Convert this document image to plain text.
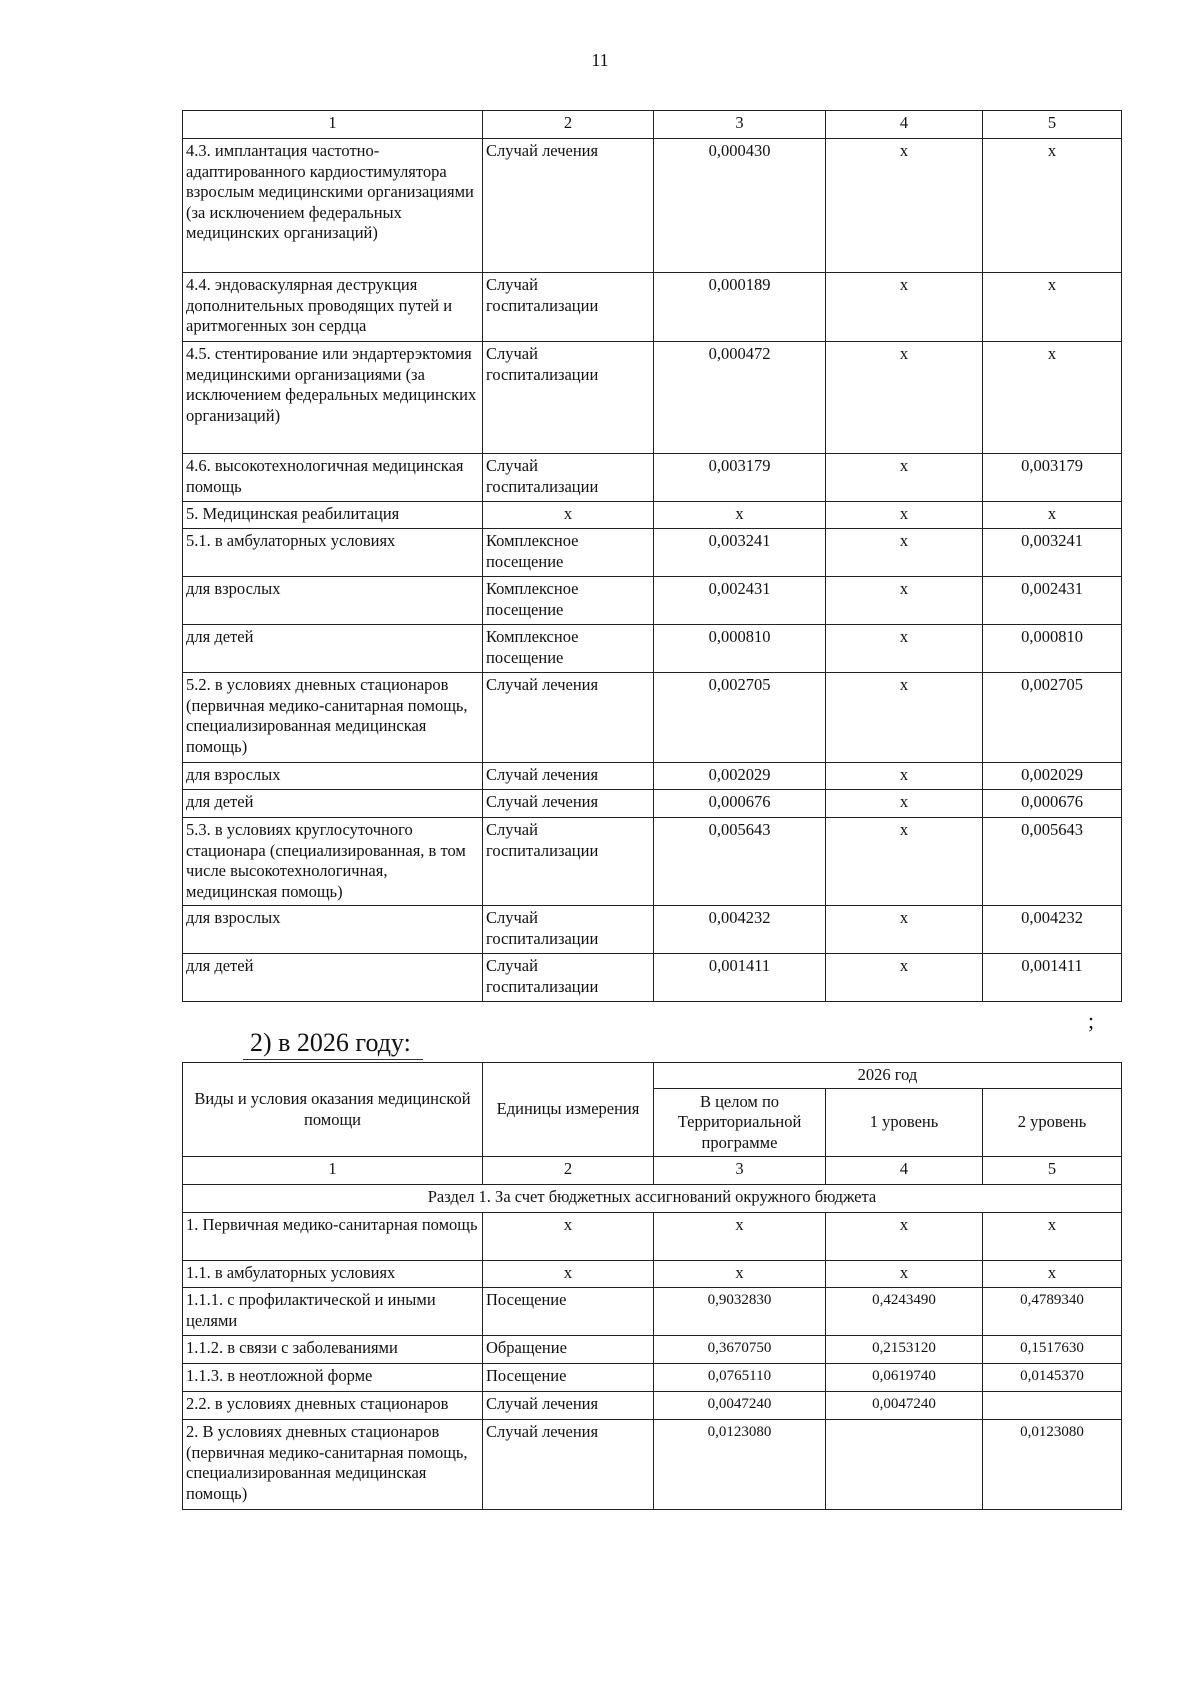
11
1	2	3	4	5
4.3. имплантация частотно-адаптированного кардиостимулятора взрослым медицинскими организациями (за исключением федеральных медицинских организаций)	Случай лечения	0,000430	x	x
4.4. эндоваскулярная деструкция дополнительных проводящих путей и аритмогенных зон сердца	Случай госпитализации	0,000189	x	x
4.5. стентирование или эндартерэктомия медицинскими организациями (за исключением федеральных медицинских организаций)	Случай госпитализации	0,000472	x	x
4.6. высокотехнологичная медицинская помощь	Случай госпитализации	0,003179	x	0,003179
5. Медицинская реабилитация	x	x	x	x
5.1. в амбулаторных условиях	Комплексное посещение	0,003241	x	0,003241
для взрослых	Комплексное посещение	0,002431	x	0,002431
для детей	Комплексное посещение	0,000810	x	0,000810
5.2. в условиях дневных стационаров (первичная медико-санитарная помощь, специализированная медицинская помощь)	Случай лечения	0,002705	x	0,002705
для взрослых	Случай лечения	0,002029	x	0,002029
для детей	Случай лечения	0,000676	x	0,000676
5.3. в условиях круглосуточного стационара (специализированная, в том числе высокотехнологичная, медицинская помощь)	Случай госпитализации	0,005643	x	0,005643
для взрослых	Случай госпитализации	0,004232	x	0,004232
для детей	Случай госпитализации	0,001411	x	0,001411
;
2) в 2026 году:
Виды и условия оказания медицинской помощи	Единицы измерения	2026 год		
		В целом по Территориальной программе	1 уровень	2 уровень
1	2	3	4	5
Раздел 1. За счет бюджетных ассигнований окружного бюджета				
1. Первичная медико-санитарная помощь	x	x	x	x
1.1. в амбулаторных условиях	x	x	x	x
1.1.1. с профилактической и иными целями	Посещение	0,9032830	0,4243490	0,4789340
1.1.2. в связи с заболеваниями	Обращение	0,3670750	0,2153120	0,1517630
1.1.3. в неотложной форме	Посещение	0,0765110	0,0619740	0,0145370
2.2. в условиях дневных стационаров	Случай лечения	0,0047240	0,0047240	
2. В условиях дневных стационаров (первичная медико-санитарная помощь, специализированная медицинская помощь)	Случай лечения	0,0123080		0,0123080
